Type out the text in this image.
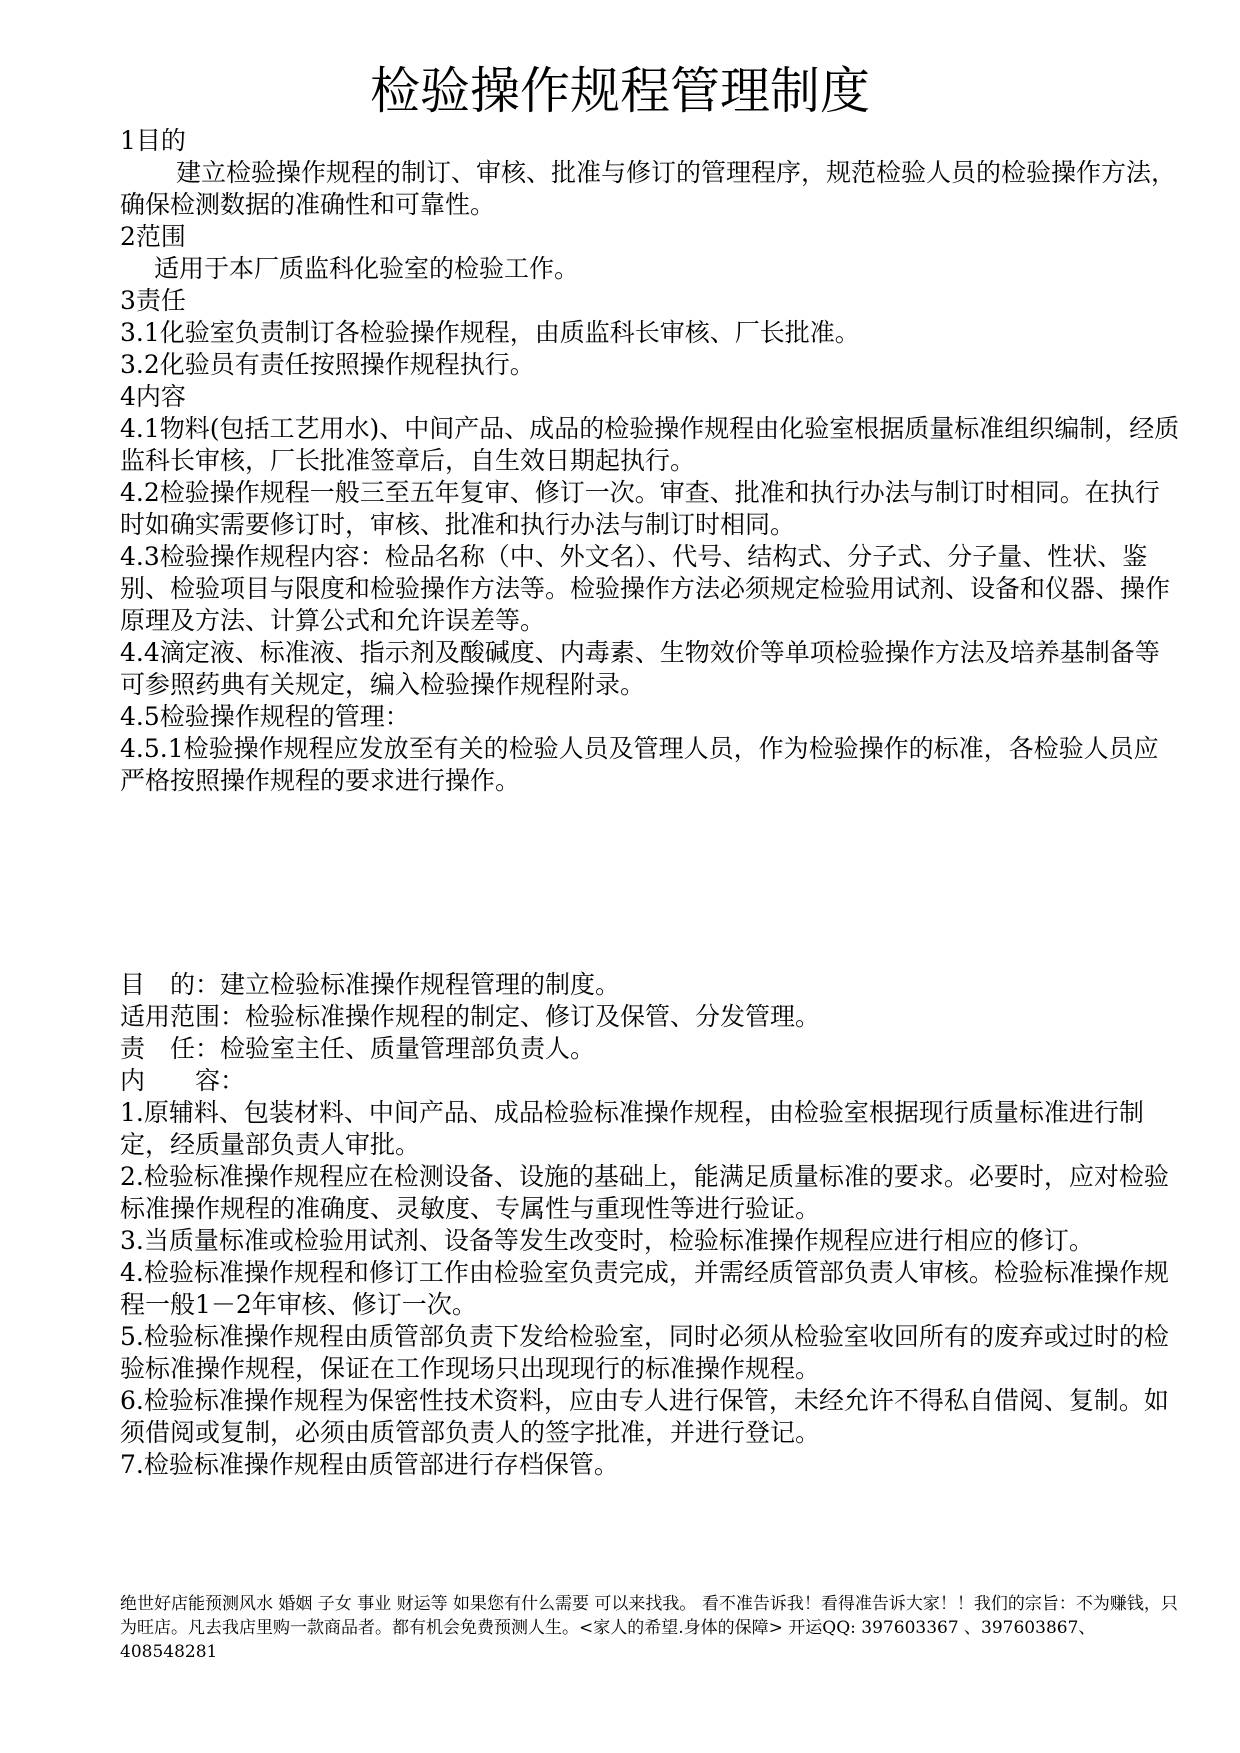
检验操作规程管理制度

1目的

建立检验操作规程的制订、审核、批准与修订的管理程序，规范检验人员的检验操作方法，确保检测数据的准确性和可靠性。

2范围

适用于本厂质监科化验室的检验工作。

3责任

3.1化验室负责制订各检验操作规程，由质监科长审核、厂长批准。

3.2化验员有责任按照操作规程执行。

4内容

4.1物料(包括工艺用水)、中间产品、成品的检验操作规程由化验室根据质量标准组织编制，经质监科长审核，厂长批准签章后，自生效日期起执行。

4.2检验操作规程一般三至五年复审、修订一次。审查、批准和执行办法与制订时相同。在执行时如确实需要修订时，审核、批准和执行办法与制订时相同。

4.3检验操作规程内容：检品名称（中、外文名）、代号、结构式、分子式、分子量、性状、鉴别、检验项目与限度和检验操作方法等。检验操作方法必须规定检验用试剂、设备和仪器、操作原理及方法、计算公式和允许误差等。

4.4滴定液、标准液、指示剂及酸碱度、内毒素、生物效价等单项检验操作方法及培养基制备等可参照药典有关规定，编入检验操作规程附录。

4.5检验操作规程的管理：

4.5.1检验操作规程应发放至有关的检验人员及管理人员，作为检验操作的标准，各检验人员应严格按照操作规程的要求进行操作。

目　的：建立检验标准操作规程管理的制度。

适用范围：检验标准操作规程的制定、修订及保管、分发管理。

责　任：检验室主任、质量管理部负责人。

内　　容：

1.原辅料、包装材料、中间产品、成品检验标准操作规程，由检验室根据现行质量标准进行制定，经质量部负责人审批。

2.检验标准操作规程应在检测设备、设施的基础上，能满足质量标准的要求。必要时，应对检验标准操作规程的准确度、灵敏度、专属性与重现性等进行验证。

3.当质量标准或检验用试剂、设备等发生改变时，检验标准操作规程应进行相应的修订。

4.检验标准操作规程和修订工作由检验室负责完成，并需经质管部负责人审核。检验标准操作规程一般1－2年审核、修订一次。

5.检验标准操作规程由质管部负责下发给检验室，同时必须从检验室收回所有的废弃或过时的检验标准操作规程，保证在工作现场只出现现行的标准操作规程。

6.检验标准操作规程为保密性技术资料，应由专人进行保管，未经允许不得私自借阅、复制。如须借阅或复制，必须由质管部负责人的签字批准，并进行登记。

7.检验标准操作规程由质管部进行存档保管。

绝世好店能预测风水 婚姻 子女 事业 财运等 如果您有什么需要 可以来找我。 看不准告诉我！看得准告诉大家！！我们的宗旨：不为赚钱，只为旺店。凡去我店里购一款商品者。都有机会免费预测人生。<家人的希望.身体的保障> 开运QQ: 397603367 、397603867、408548281
